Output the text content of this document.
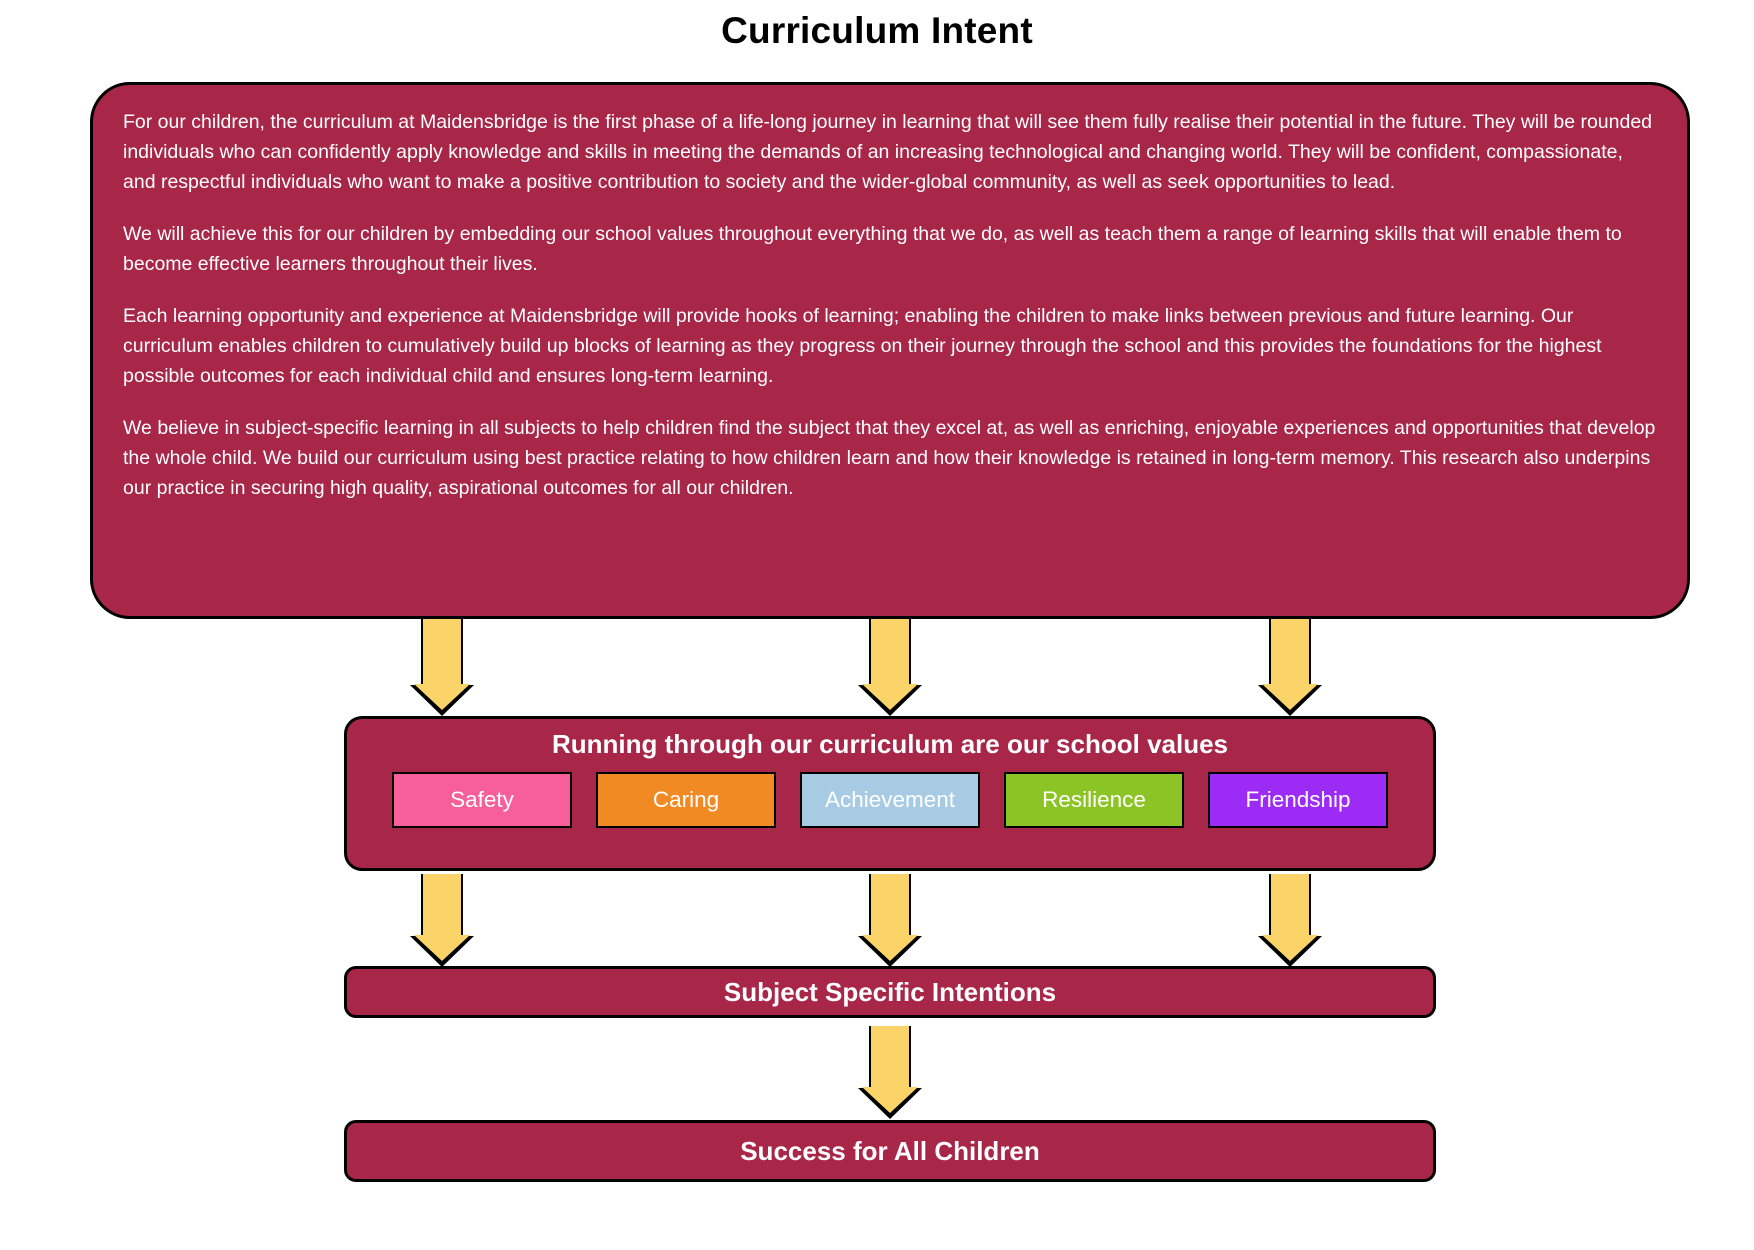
Curriculum Intent

For our children, the curriculum at Maidensbridge is the first phase of a life-long journey in learning that will see them fully realise their potential in the future. They will be rounded individuals who can confidently apply knowledge and skills in meeting the demands of an increasing technological and changing world. They will be confident, compassionate, and respectful individuals who want to make a positive contribution to society and the wider-global community, as well as seek opportunities to lead.

We will achieve this for our children by embedding our school values throughout everything that we do, as well as teach them a range of learning skills that will enable them to become effective learners throughout their lives.

Each learning opportunity and experience at Maidensbridge will provide hooks of learning; enabling the children to make links between previous and future learning. Our curriculum enables children to cumulatively build up blocks of learning as they progress on their journey through the school and this provides the foundations for the highest possible outcomes for each individual child and ensures long-term learning.

We believe in subject-specific learning in all subjects to help children find the subject that they excel at, as well as enriching, enjoyable experiences and opportunities that develop the whole child. We build our curriculum using best practice relating to how children learn and how their knowledge is retained in long-term memory. This research also underpins our practice in securing high quality, aspirational outcomes for all our children.

Running through our curriculum are our school values
Safety	Caring	Achievement	Resilience	Friendship
Subject Specific Intentions
Success for All Children
